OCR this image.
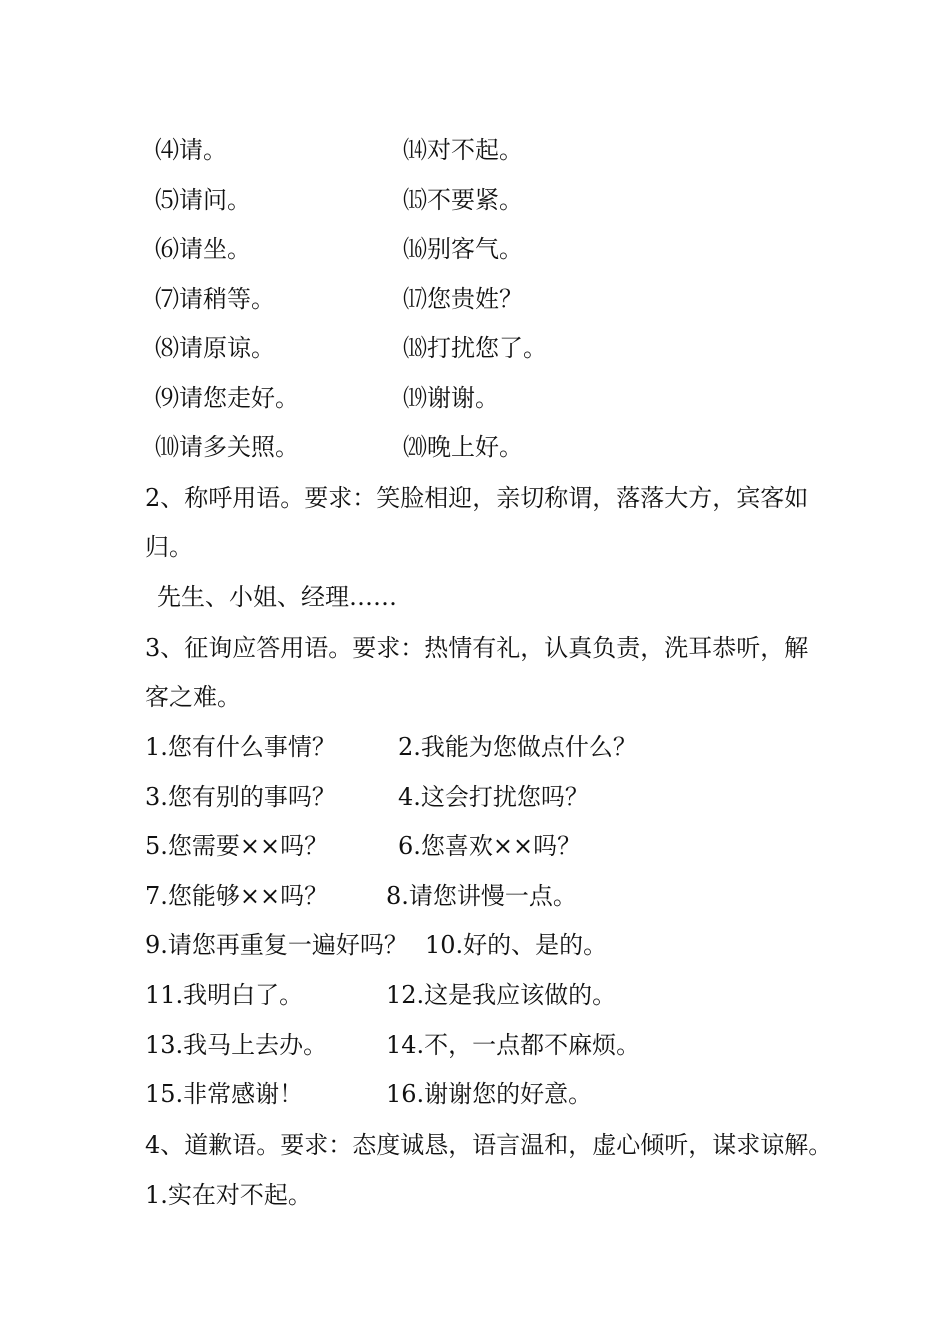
⑷请。	⒁对不起。
⑸请问。	⒂不要紧。
⑹请坐。	⒃别客气。
⑺请稍等。	⒄您贵姓？
⑻请原谅。	⒅打扰您了。
⑼请您走好。	⒆谢谢。
⑽请多关照。	⒇晚上好。
2、称呼用语。要求：笑脸相迎，亲切称谓，落落大方，宾客如
归。
先生、小姐、经理……
3、征询应答用语。要求：热情有礼，认真负责，洗耳恭听，解
客之难。
1.您有什么事情？	2.我能为您做点什么？
3.您有别的事吗？	4.这会打扰您吗？
5.您需要××吗？	6.您喜欢××吗？
7.您能够××吗？ 8.请您讲慢一点。
9.请您再重复一遍好吗？ 10.好的、是的。
11.我明白了。	12.这是我应该做的。
13.我马上去办。 14.不，一点都不麻烦。
15.非常感谢！	16.谢谢您的好意。
4、道歉语。要求：态度诚恳，语言温和，虚心倾听，谋求谅解。
1.实在对不起。
